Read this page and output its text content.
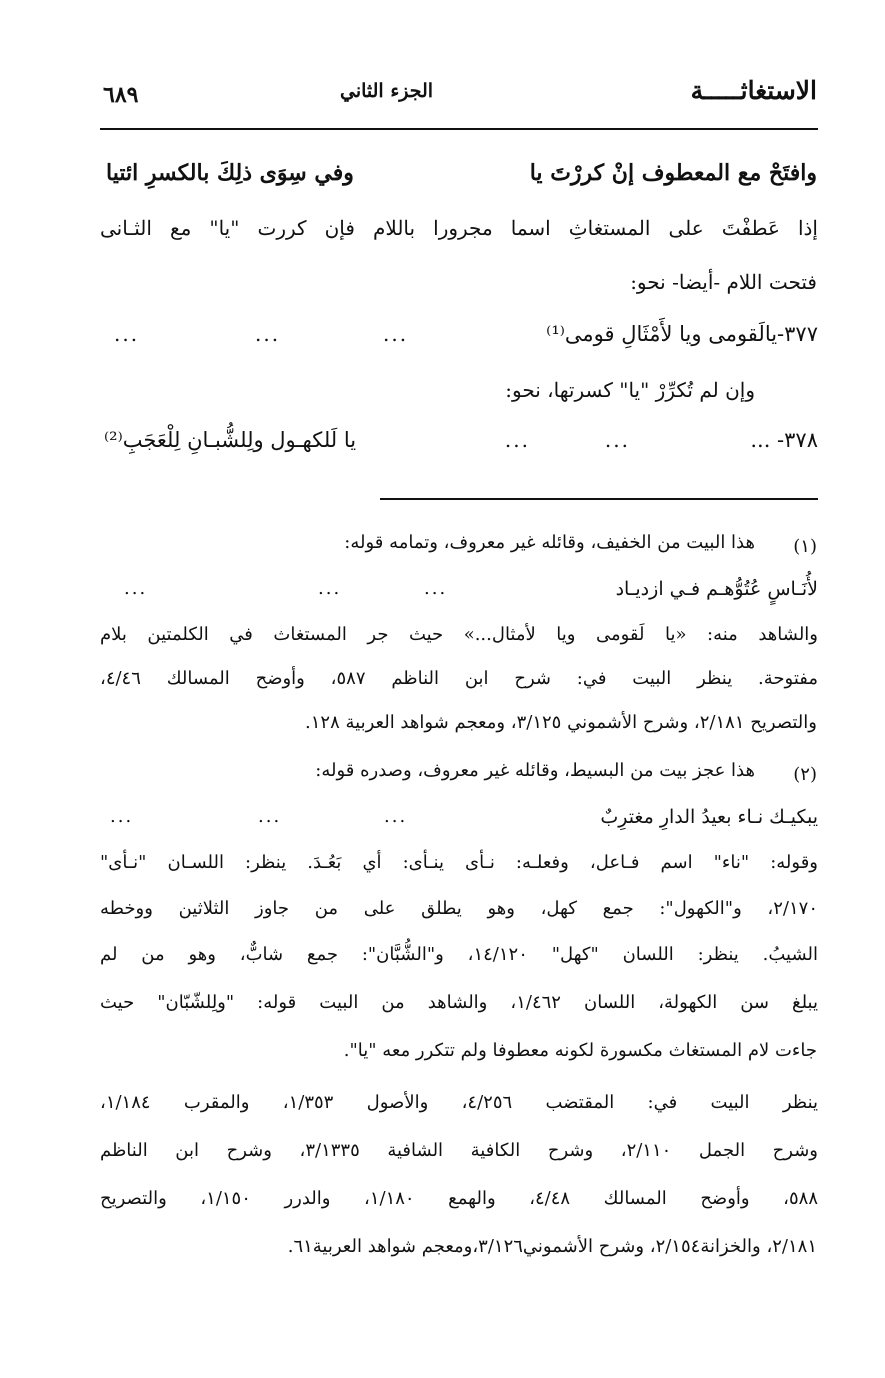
الاستغاثـــــة
الجزء الثاني
٦٨٩
وافتَحْ مع المعطوف إنْ كررْتَ يا
وفي سِوَى ذلِكَ بالكسرِ ائتيا
إذا عَطفْتَ على المستغاثِ اسما مجرورا باللام فإن كررت "يا" مع الثـانى
فتحت اللام -أيضا- نحو:
٣٧٧-يالَقومى ويا لأَمْثَالِ قومى⁽¹⁾
...
...
...
وإن لم تُكرِّرْ "يا" كسرتها، نحو:
٣٧٨- ...
...
...
يا لَلكهـول ولِلشُّبـانِ لِلْعَجَبِ⁽²⁾
(١)
هذا البيت من الخفيف، وقائله غير معروف، وتمامه قوله:
لأُنَـاسٍ عُتُوُّهـم فـي ازديـاد
...
...
...
والشاهد منه: «يا لَقومى ويا لأمثال...» حيث جر المستغاث في الكلمتين بلام
مفتوحة. ينظر البيت في: شرح ابن الناظم ٥٨٧، وأوضح المسالك ٤/٤٦،
والتصريح ٢/١٨١، وشرح الأشموني ٣/١٢٥، ومعجم شواهد العربية ١٢٨.
(٢)
هذا عجز بيت من البسيط، وقائله غير معروف، وصدره قوله:
يبكيـك نـاء بعيدُ الدارِ مغترِبٌ
...
...
...
وقوله: "ناء" اسم فـاعل، وفعلـه: نـأى ينـأى: أي بَعُـدَ. ينظر: اللسـان "نـأى"
٢/١٧٠، و"الكهول": جمع كهل، وهو يطلق على من جاوز الثلاثين ووخطه
الشيبُ. ينظر: اللسان "كهل" ١٤/١٢٠، و"الشُّبَّان": جمع شابٌّ، وهو من لم
يبلغ سن الكهولة، اللسان ١/٤٦٢، والشاهد من البيت قوله: "ولِلشّبّان" حيث
جاءت لام المستغاث مكسورة لكونه معطوفا ولم تتكرر معه "يا".
ينظر البيت في: المقتضب ٤/٢٥٦، والأصول ١/٣٥٣، والمقرب ١/١٨٤،
وشرح الجمل ٢/١١٠، وشرح الكافية الشافية ٣/١٣٣٥، وشرح ابن الناظم
٥٨٨، وأوضح المسالك ٤/٤٨، والهمع ١/١٨٠، والدرر ١/١٥٠، والتصريح
٢/١٨١، والخزانة٢/١٥٤، وشرح الأشموني٣/١٢٦،ومعجم شواهد العربية٦١.
